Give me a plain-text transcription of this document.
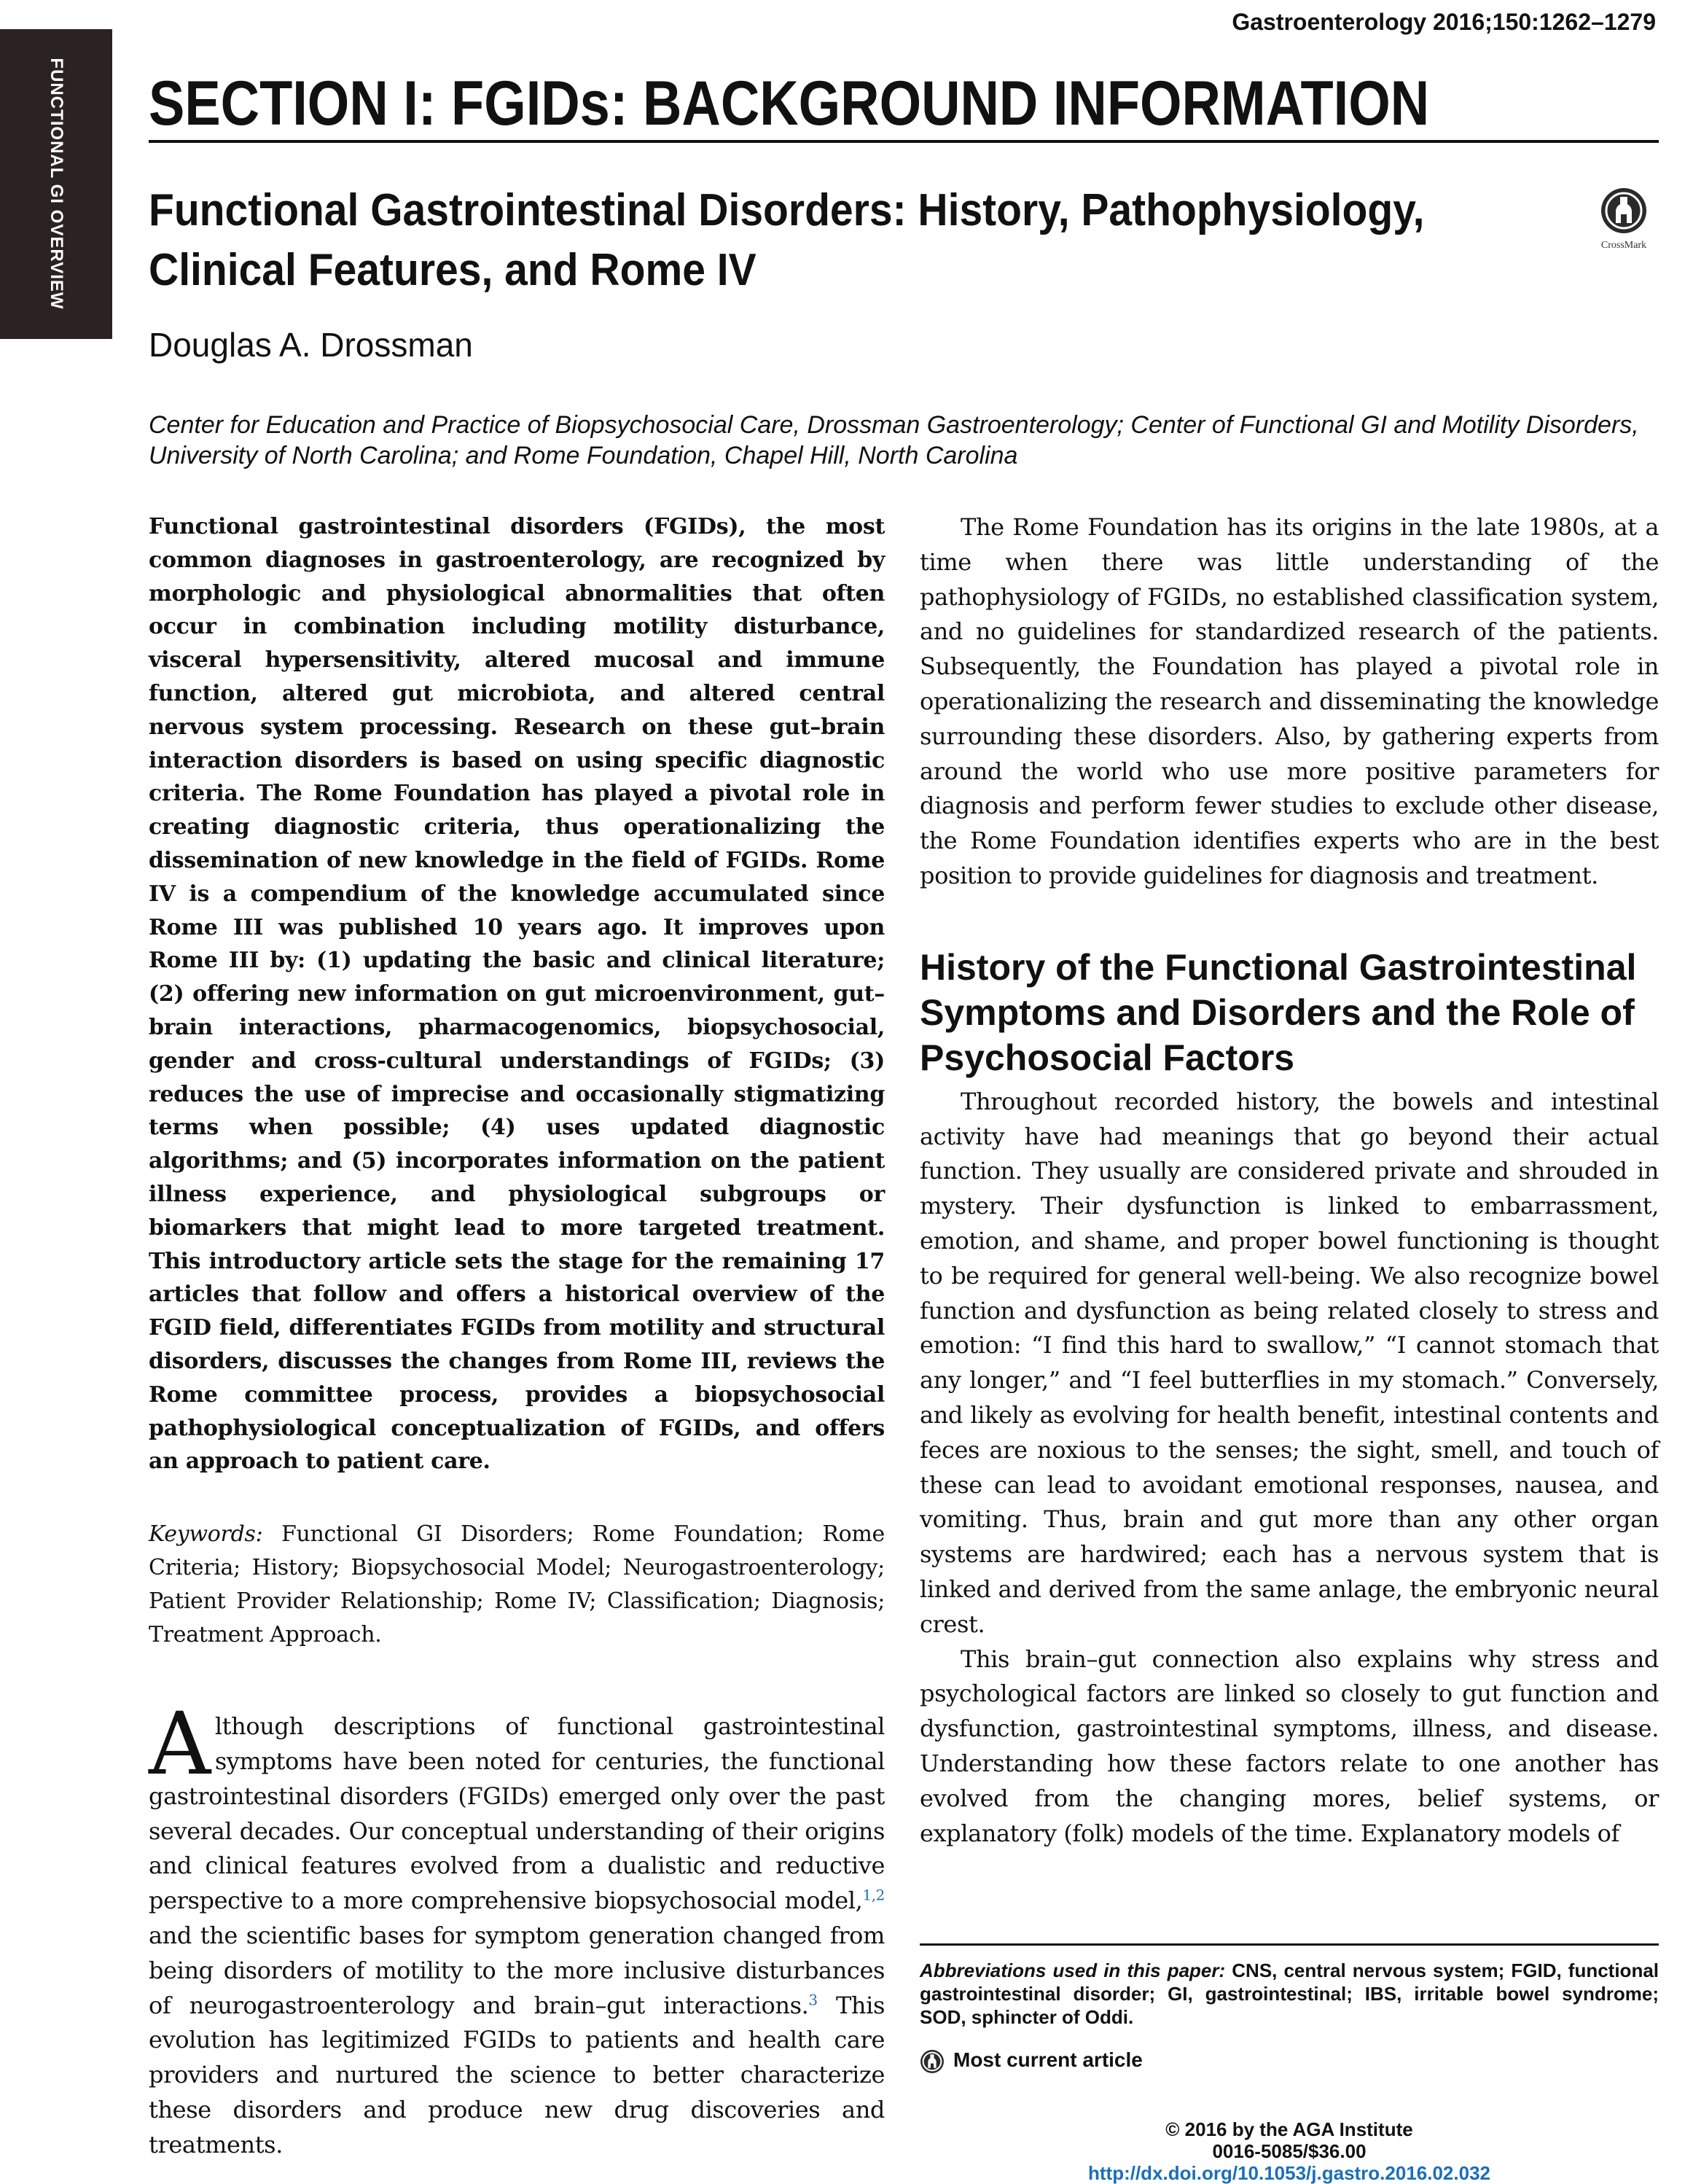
FUNCTIONAL GI OVERVIEW
Gastroenterology 2016;150:1262–1279
SECTION I: FGIDs: BACKGROUND INFORMATION
Functional Gastrointestinal Disorders: History, Pathophysiology,
Clinical Features, and Rome IV	CrossMark
Douglas A. Drossman
Center for Education and Practice of Biopsychosocial Care, Drossman Gastroenterology; Center of Functional GI and Motility Disorders, University of North Carolina; and Rome Foundation, Chapel Hill, North Carolina

Functional gastrointestinal disorders (FGIDs), the most common diagnoses in gastroenterology, are recognized by morphologic and physiological abnormalities that often occur in combination including motility disturbance, visceral hypersensitivity, altered mucosal and immune function, altered gut microbiota, and altered central nervous system processing. Research on these gut–brain interaction disorders is based on using specific diagnostic criteria. The Rome Foundation has played a pivotal role in creating diagnostic criteria, thus operationalizing the dissemination of new knowledge in the field of FGIDs. Rome IV is a compendium of the knowledge accumulated since Rome III was published 10 years ago. It improves upon Rome III by: (1) updating the basic and clinical literature; (2) offering new information on gut microenvironment, gut–brain interactions, pharmacogenomics, biopsychosocial, gender and cross-cultural understandings of FGIDs; (3) reduces the use of imprecise and occasionally stigmatizing terms when possible; (4) uses updated diagnostic algorithms; and (5) incorporates information on the patient illness experience, and physiological subgroups or biomarkers that might lead to more targeted treatment. This introductory article sets the stage for the remaining 17 articles that follow and offers a historical overview of the FGID field, differentiates FGIDs from motility and structural disorders, discusses the changes from Rome III, reviews the Rome committee process, provides a biopsychosocial pathophysiological conceptualization of FGIDs, and offers an approach to patient care.

Keywords: Functional GI Disorders; Rome Foundation; Rome Criteria; History; Biopsychosocial Model; Neurogastroenterology; Patient Provider Relationship; Rome IV; Classification; Diagnosis; Treatment Approach.

Although descriptions of functional gastrointestinal symptoms have been noted for centuries, the functional gastrointestinal disorders (FGIDs) emerged only over the past several decades. Our conceptual understanding of their origins and clinical features evolved from a dualistic and reductive perspective to a more comprehensive biopsychosocial model,$^{1,2}$ and the scientific bases for symptom generation changed from being disorders of motility to the more inclusive disturbances of neurogastroenterology and brain–gut interactions.$^3$ This evolution has legitimized FGIDs to patients and health care providers and nurtured the science to better characterize these disorders and produce new drug discoveries and treatments.

The Rome Foundation has its origins in the late 1980s, at a time when there was little understanding of the pathophysiology of FGIDs, no established classification system, and no guidelines for standardized research of the patients. Subsequently, the Foundation has played a pivotal role in operationalizing the research and disseminating the knowledge surrounding these disorders. Also, by gathering experts from around the world who use more positive parameters for diagnosis and perform fewer studies to exclude other disease, the Rome Foundation identifies experts who are in the best position to provide guidelines for diagnosis and treatment.

History of the Functional Gastrointestinal Symptoms and Disorders and the Role of Psychosocial Factors

Throughout recorded history, the bowels and intestinal activity have had meanings that go beyond their actual function. They usually are considered private and shrouded in mystery. Their dysfunction is linked to embarrassment, emotion, and shame, and proper bowel functioning is thought to be required for general well-being. We also recognize bowel function and dysfunction as being related closely to stress and emotion: “I find this hard to swallow,” “I cannot stomach that any longer,” and “I feel butterflies in my stomach.” Conversely, and likely as evolving for health benefit, intestinal contents and feces are noxious to the senses; the sight, smell, and touch of these can lead to avoidant emotional responses, nausea, and vomiting. Thus, brain and gut more than any other organ systems are hardwired; each has a nervous system that is linked and derived from the same anlage, the embryonic neural crest.

This brain–gut connection also explains why stress and psychological factors are linked so closely to gut function and dysfunction, gastrointestinal symptoms, illness, and disease. Understanding how these factors relate to one another has evolved from the changing mores, belief systems, or explanatory (folk) models of the time. Explanatory models of

Abbreviations used in this paper: CNS, central nervous system; FGID, functional gastrointestinal disorder; GI, gastrointestinal; IBS, irritable bowel syndrome; SOD, sphincter of Oddi.

Most current article
© 2016 by the AGA Institute
0016-5085/$36.00
http://dx.doi.org/10.1053/j.gastro.2016.02.032
